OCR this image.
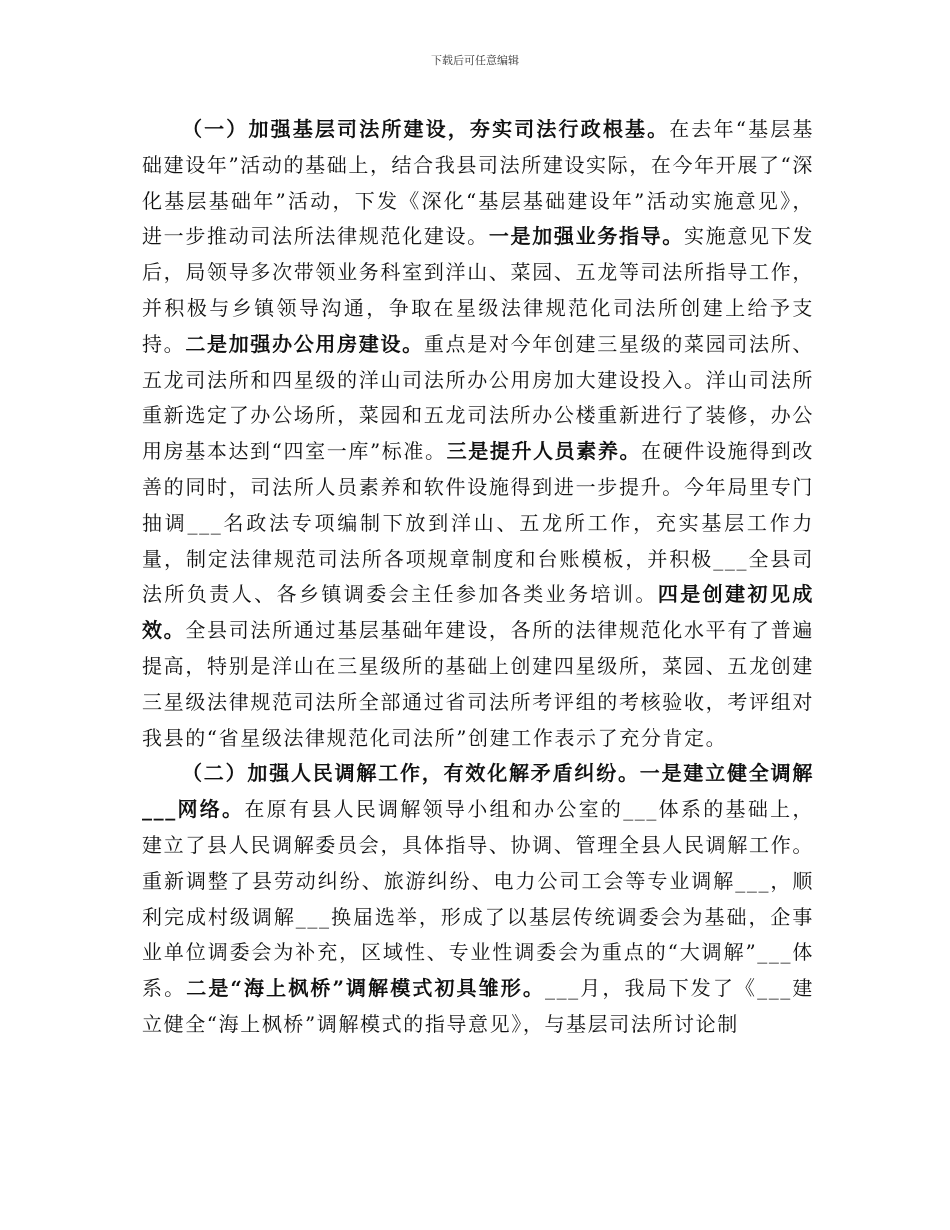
下载后可任意编辑

（一）加强基层司法所建设，夯实司法行政根基。在去年“基层基础建设年”活动的基础上，结合我县司法所建设实际，在今年开展了“深化基层基础年”活动，下发《深化“基层基础建设年”活动实施意见》，进一步推动司法所法律规范化建设。一是加强业务指导。实施意见下发后，局领导多次带领业务科室到洋山、菜园、五龙等司法所指导工作，并积极与乡镇领导沟通，争取在星级法律规范化司法所创建上给予支持。二是加强办公用房建设。重点是对今年创建三星级的菜园司法所、五龙司法所和四星级的洋山司法所办公用房加大建设投入。洋山司法所重新选定了办公场所，菜园和五龙司法所办公楼重新进行了装修，办公用房基本达到“四室一库”标准。三是提升人员素养。在硬件设施得到改善的同时，司法所人员素养和软件设施得到进一步提升。今年局里专门抽调___名政法专项编制下放到洋山、五龙所工作，充实基层工作力量，制定法律规范司法所各项规章制度和台账模板，并积极___全县司法所负责人、各乡镇调委会主任参加各类业务培训。四是创建初见成效。全县司法所通过基层基础年建设，各所的法律规范化水平有了普遍提高，特别是洋山在三星级所的基础上创建四星级所，菜园、五龙创建三星级法律规范司法所全部通过省司法所考评组的考核验收，考评组对我县的“省星级法律规范化司法所”创建工作表示了充分肯定。

（二）加强人民调解工作，有效化解矛盾纠纷。一是建立健全调解___网络。在原有县人民调解领导小组和办公室的___体系的基础上，建立了县人民调解委员会，具体指导、协调、管理全县人民调解工作。重新调整了县劳动纠纷、旅游纠纷、电力公司工会等专业调解___，顺利完成村级调解___换届选举，形成了以基层传统调委会为基础，企事业单位调委会为补充，区域性、专业性调委会为重点的“大调解”___体系。二是“海上枫桥”调解模式初具雏形。___月，我局下发了《___建立健全“海上枫桥”调解模式的指导意见》，与基层司法所讨论制
